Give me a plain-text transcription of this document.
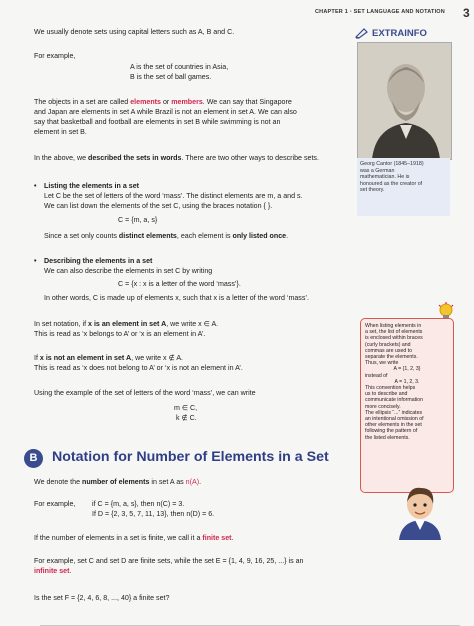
CHAPTER 1 • SET LANGUAGE AND NOTATION 3
We usually denote sets using capital letters such as A, B and C.
For example,
A is the set of countries in Asia,
B is the set of ball games.
The objects in a set are called elements or members. We can say that Singapore
and Japan are elements in set A while Brazil is not an element in set A. We can also
say that basketball and football are elements in set B while swimming is not an
element in set B.
In the above, we described the sets in words. There are two other ways to describe sets.
•	Listing the elements in a set
Let C be the set of letters of the word ‘mass’. The distinct elements are m, a and s.
We can list down the elements of the set C, using the braces notation { }.
C = {m, a, s}
Since a set only counts distinct elements, each element is only listed once.
•	Describing the elements in a set
We can also describe the elements in set C by writing
C = {x : x is a letter of the word ‘mass’}.
In other words, C is made up of elements x, such that x is a letter of the word ‘mass’.
In set notation, if x is an element in set A, we write x ∈ A.
This is read as ‘x belongs to A’ or ‘x is an element in A’.
If x is not an element in set A, we write x ∉ A.
This is read as ‘x does not belong to A’ or ‘x is not an element in A’.
Using the example of the set of letters of the word ‘mass’, we can write
m ∈ C,
k ∉ C.
We denote the number of elements in set A as n(A).
For example, if C = {m, a, s}, then n(C) = 3.
If D = {2, 3, 5, 7, 11, 13}, then n(D) = 6.
If the number of elements in a set is finite, we call it a finite set.
For example, set C and set D are finite sets, while the set E = {1, 4, 9, 16, 25, ...} is an
infinite set.
Is the set F = {2, 4, 6, 8, ..., 40} a finite set?
B	Notation for Number of Elements in a Set
EXTRAINFO
Georg Cantor (1845–1918)
was a German
mathematician. He is
honoured as the creator of
set theory.
When listing elements in
a set, the list of elements
is enclosed within braces
(curly brackets) and
commas are used to
separate the elements.
Thus, we write
A = {1, 2, 3}
instead of
A = 1, 2, 3.
This convention helps
us to describe and
communicate information
more concisely.
The ellipsis “...” indicates
an intentional omission of
other elements in the set
following the pattern of
the listed elements.
